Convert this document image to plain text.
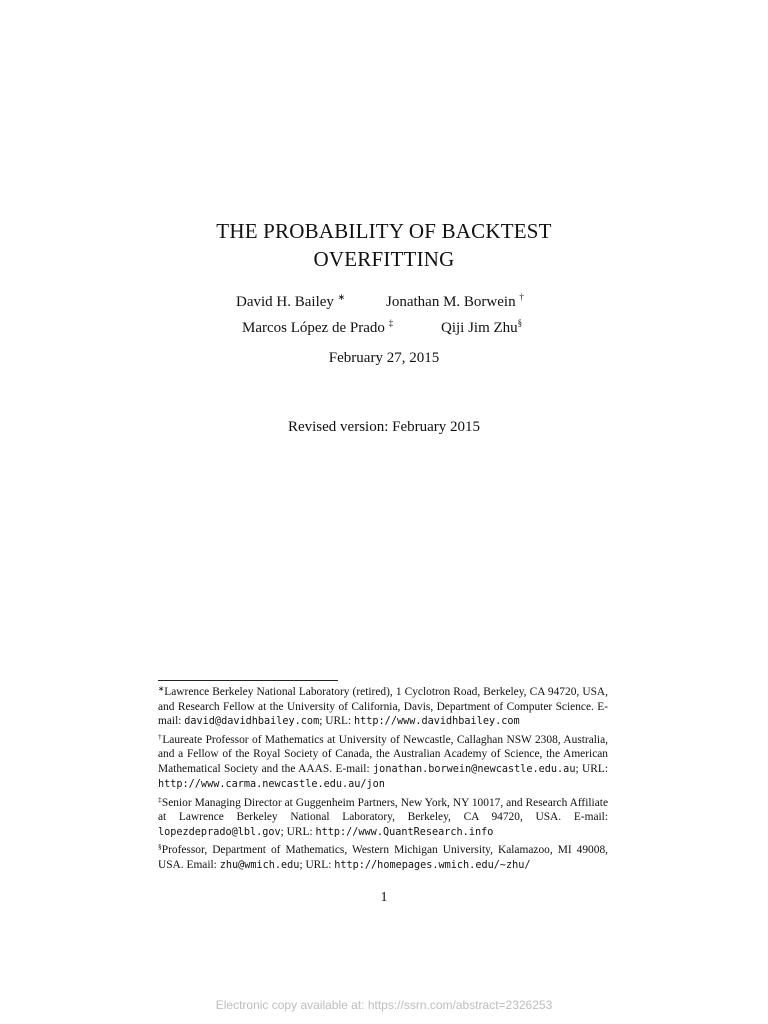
THE PROBABILITY OF BACKTEST
OVERFITTING
David H. Bailey ∗	Jonathan M. Borwein †
Marcos López de Prado ‡	Qiji Jim Zhu§
February 27, 2015
Revised version: February 2015

∗Lawrence Berkeley National Laboratory (retired), 1 Cyclotron Road, Berkeley, CA 94720, USA, and Research Fellow at the University of California, Davis, Department of Computer Science. E-mail: david@davidhbailey.com; URL: http://www.davidhbailey.com

†Laureate Professor of Mathematics at University of Newcastle, Callaghan NSW 2308, Australia, and a Fellow of the Royal Society of Canada, the Australian Academy of Science, the American Mathematical Society and the AAAS. E-mail: jonathan.borwein@newcastle.edu.au; URL: http://www.carma.newcastle.edu.au/jon

‡Senior Managing Director at Guggenheim Partners, New York, NY 10017, and Research Affiliate at Lawrence Berkeley National Laboratory, Berkeley, CA 94720, USA. E-mail: lopezdeprado@lbl.gov; URL: http://www.QuantResearch.info

§Professor, Department of Mathematics, Western Michigan University, Kalamazoo, MI 49008, USA. Email: zhu@wmich.edu; URL: http://homepages.wmich.edu/~zhu/

1
Electronic copy available at: https://ssrn.com/abstract=2326253
